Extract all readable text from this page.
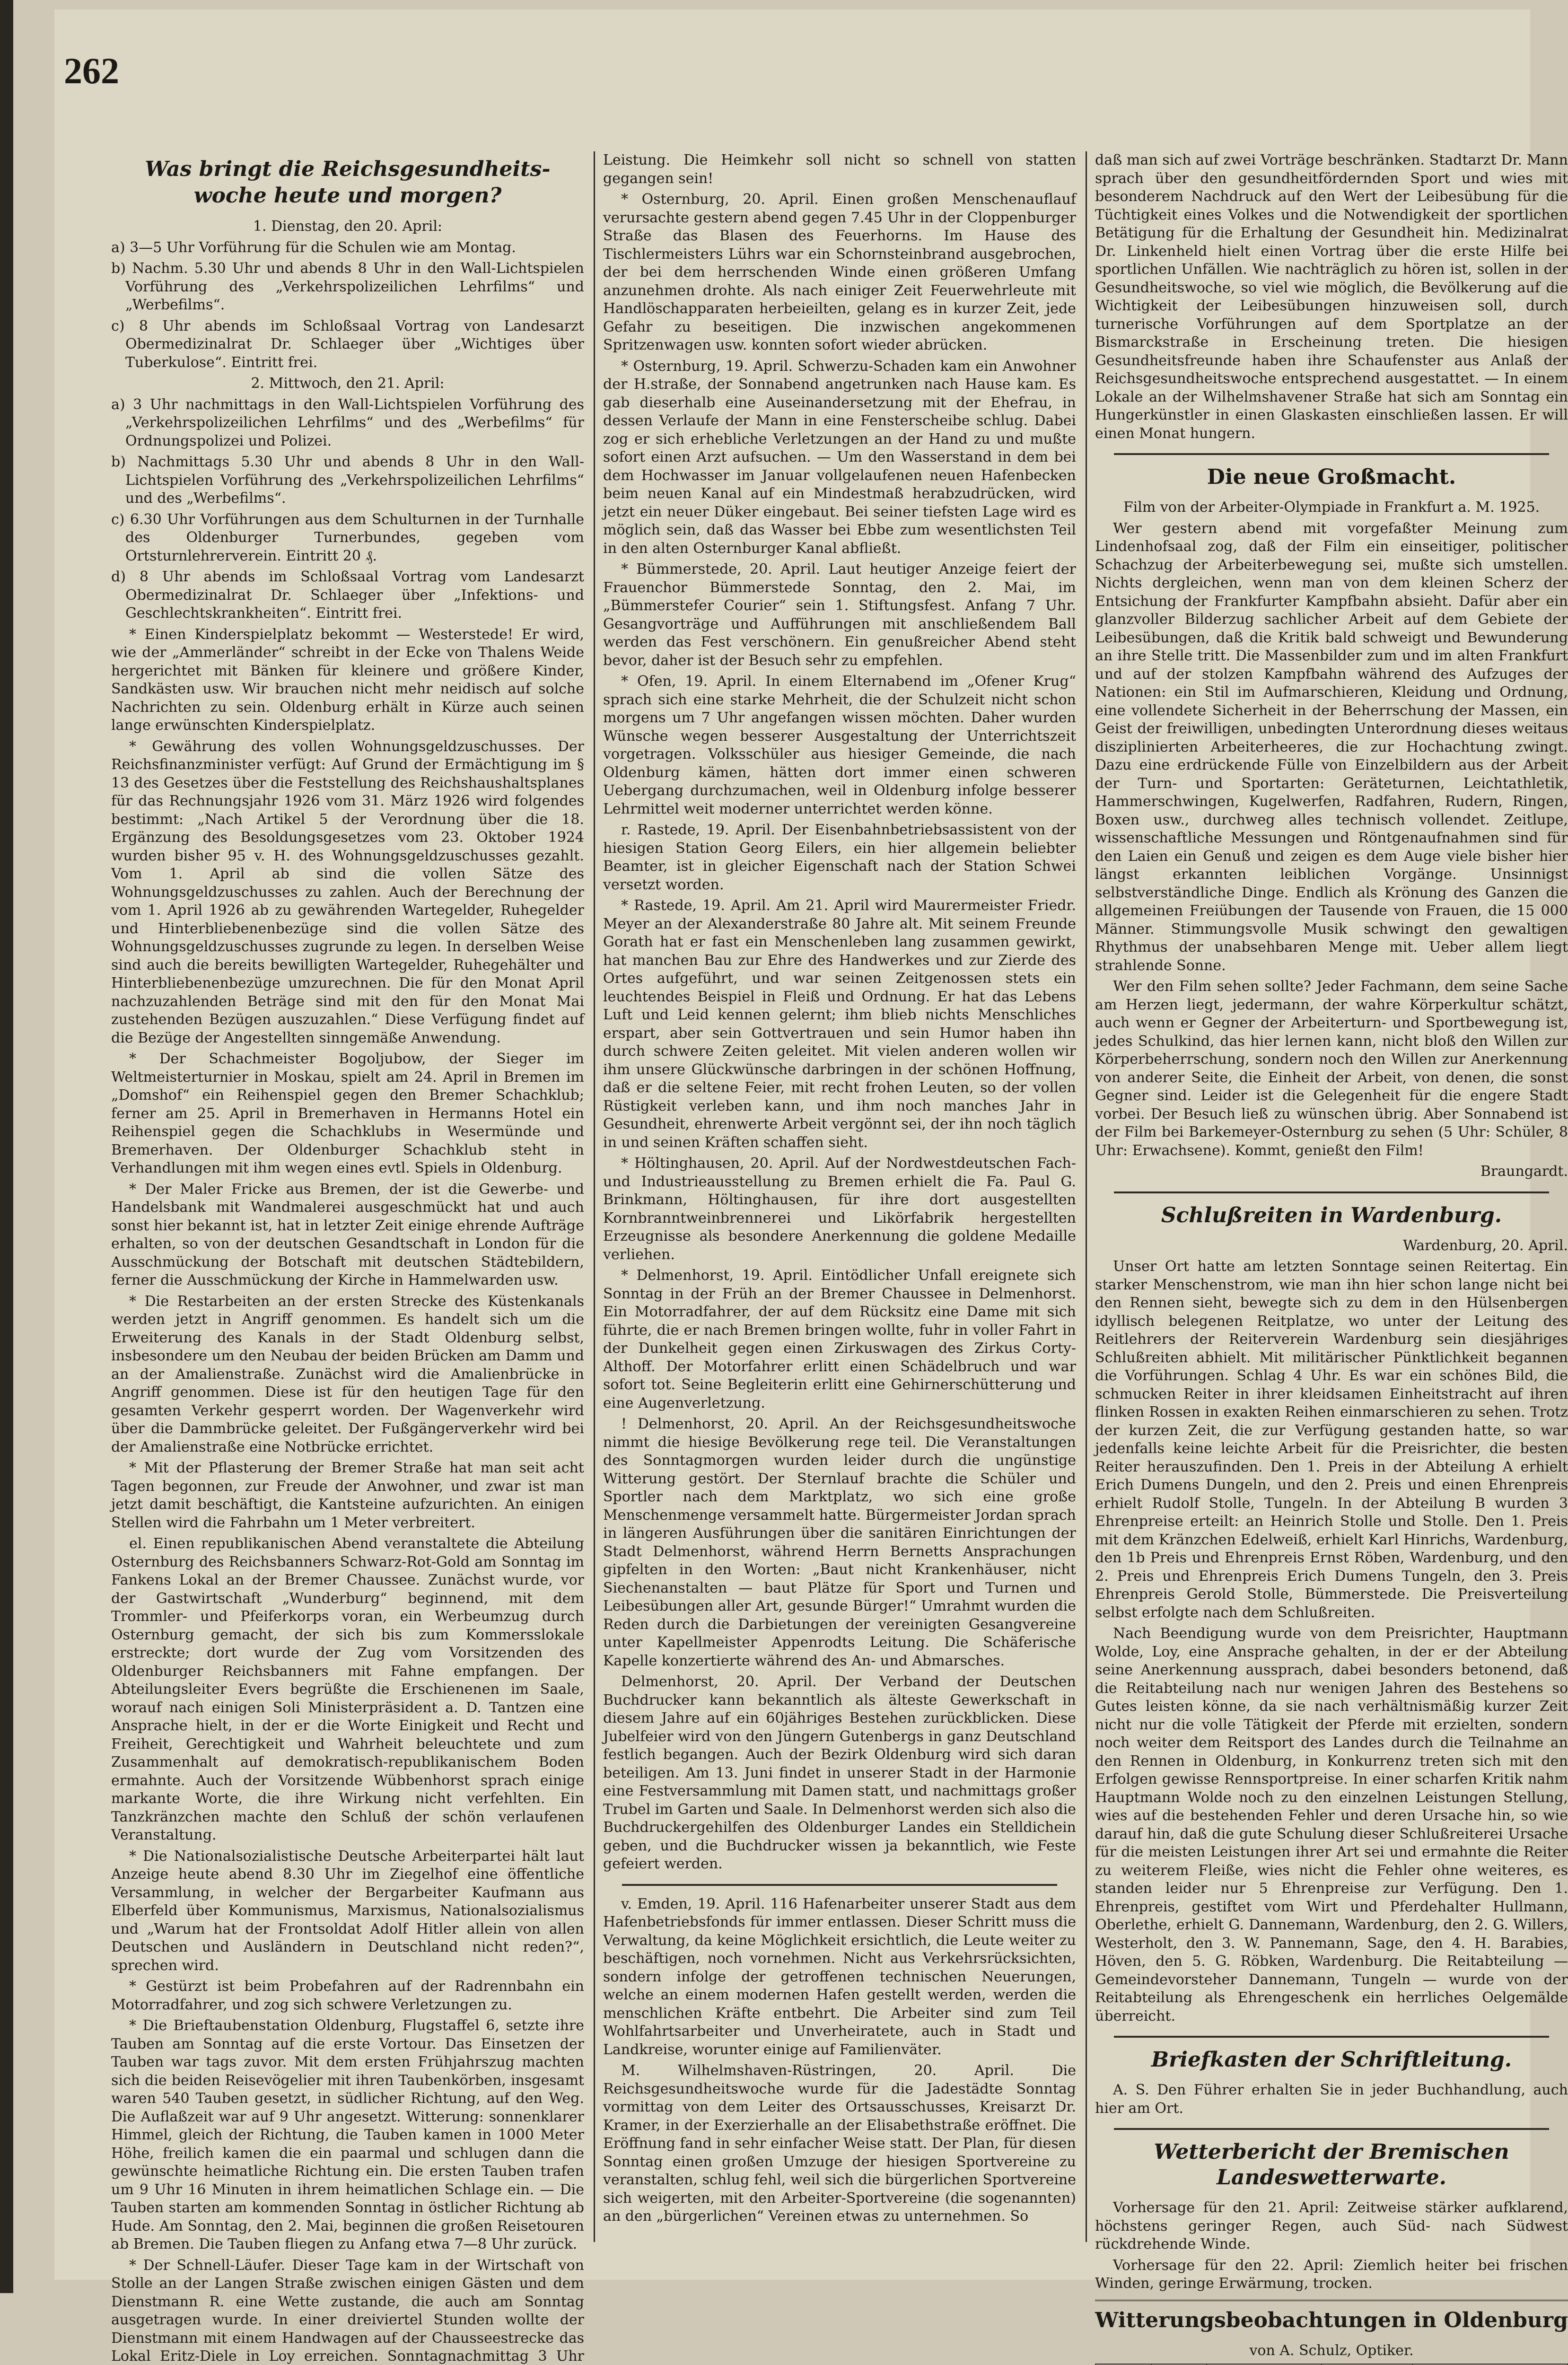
262
Was bringt die Reichsgesundheits-woche heute und morgen?

1. Dienstag, den 20. April:

a) 3—5 Uhr Vorführung für die Schulen wie am Montag.

b) Nachm. 5.30 Uhr und abends 8 Uhr in den Wall-Lichtspielen Vorführung des „Verkehrspolizeilichen Lehrfilms“ und „Werbefilms“.

c) 8 Uhr abends im Schloßsaal Vortrag von Landesarzt Obermedizinalrat Dr. Schlaeger über „Wichtiges über Tuberkulose“. Eintritt frei.

2. Mittwoch, den 21. April:

a) 3 Uhr nachmittags in den Wall-Lichtspielen Vorführung des „Verkehrspolizeilichen Lehrfilms“ und des „Werbefilms“ für Ordnungspolizei und Polizei.

b) Nachmittags 5.30 Uhr und abends 8 Uhr in den Wall-Lichtspielen Vorführung des „Verkehrspolizeilichen Lehrfilms“ und des „Werbefilms“.

c) 6.30 Uhr Vorführungen aus dem Schulturnen in der Turnhalle des Oldenburger Turnerbundes, gegeben vom Ortsturnlehrerverein. Eintritt 20 ₰.

d) 8 Uhr abends im Schloßsaal Vortrag vom Landesarzt Obermedizinalrat Dr. Schlaeger über „Infektions- und Geschlechtskrankheiten“. Eintritt frei.

* Einen Kinderspielplatz bekommt — Westerstede! Er wird, wie der „Ammerländer“ schreibt in der Ecke von Thalens Weide hergerichtet mit Bänken für kleinere und größere Kinder, Sandkästen usw. Wir brauchen nicht mehr neidisch auf solche Nachrichten zu sein. Oldenburg erhält in Kürze auch seinen lange erwünschten Kinderspielplatz.

* Gewährung des vollen Wohnungsgeldzuschusses. Der Reichsfinanzminister verfügt: Auf Grund der Ermächtigung im § 13 des Gesetzes über die Feststellung des Reichshaushaltsplanes für das Rechnungsjahr 1926 vom 31. März 1926 wird folgendes bestimmt: „Nach Artikel 5 der Verordnung über die 18. Ergänzung des Besoldungsgesetzes vom 23. Oktober 1924 wurden bisher 95 v. H. des Wohnungsgeldzuschusses gezahlt. Vom 1. April ab sind die vollen Sätze des Wohnungsgeldzuschusses zu zahlen. Auch der Berechnung der vom 1. April 1926 ab zu gewährenden Wartegelder, Ruhegelder und Hinterbliebenenbezüge sind die vollen Sätze des Wohnungsgeldzuschusses zugrunde zu legen. In derselben Weise sind auch die bereits bewilligten Wartegelder, Ruhegehälter und Hinterbliebenenbezüge umzurechnen. Die für den Monat April nachzuzahlenden Beträge sind mit den für den Monat Mai zustehenden Bezügen auszuzahlen.“ Diese Verfügung findet auf die Bezüge der Angestellten sinngemäße Anwendung.

* Der Schachmeister Bogoljubow, der Sieger im Weltmeisterturnier in Moskau, spielt am 24. April in Bremen im „Domshof“ ein Reihenspiel gegen den Bremer Schachklub; ferner am 25. April in Bremerhaven in Hermanns Hotel ein Reihenspiel gegen die Schachklubs in Wesermünde und Bremerhaven. Der Oldenburger Schachklub steht in Verhandlungen mit ihm wegen eines evtl. Spiels in Oldenburg.

* Der Maler Fricke aus Bremen, der ist die Gewerbe- und Handelsbank mit Wandmalerei ausgeschmückt hat und auch sonst hier bekannt ist, hat in letzter Zeit einige ehrende Aufträge erhalten, so von der deutschen Gesandtschaft in London für die Ausschmückung der Botschaft mit deutschen Städtebildern, ferner die Ausschmückung der Kirche in Hammelwarden usw.

* Die Restarbeiten an der ersten Strecke des Küstenkanals werden jetzt in Angriff genommen. Es handelt sich um die Erweiterung des Kanals in der Stadt Oldenburg selbst, insbesondere um den Neubau der beiden Brücken am Damm und an der Amalienstraße. Zunächst wird die Amalienbrücke in Angriff genommen. Diese ist für den heutigen Tage für den gesamten Verkehr gesperrt worden. Der Wagenverkehr wird über die Dammbrücke geleitet. Der Fußgängerverkehr wird bei der Amalienstraße eine Notbrücke errichtet.

* Mit der Pflasterung der Bremer Straße hat man seit acht Tagen begonnen, zur Freude der Anwohner, und zwar ist man jetzt damit beschäftigt, die Kantsteine aufzurichten. An einigen Stellen wird die Fahrbahn um 1 Meter verbreitert.

el. Einen republikanischen Abend veranstaltete die Abteilung Osternburg des Reichsbanners Schwarz-Rot-Gold am Sonntag im Fankens Lokal an der Bremer Chaussee. Zunächst wurde, vor der Gastwirtschaft „Wunderburg“ beginnend, mit dem Trommler- und Pfeiferkorps voran, ein Werbeumzug durch Osternburg gemacht, der sich bis zum Kommersslokale erstreckte; dort wurde der Zug vom Vorsitzenden des Oldenburger Reichsbanners mit Fahne empfangen. Der Abteilungsleiter Evers begrüßte die Erschienenen im Saale, worauf nach einigen Soli Ministerpräsident a. D. Tantzen eine Ansprache hielt, in der er die Worte Einigkeit und Recht und Freiheit, Gerechtigkeit und Wahrheit beleuchtete und zum Zusammenhalt auf demokratisch-republikanischem Boden ermahnte. Auch der Vorsitzende Wübbenhorst sprach einige markante Worte, die ihre Wirkung nicht verfehlten. Ein Tanzkränzchen machte den Schluß der schön verlaufenen Veranstaltung.

* Die Nationalsozialistische Deutsche Arbeiterpartei hält laut Anzeige heute abend 8.30 Uhr im Ziegelhof eine öffentliche Versammlung, in welcher der Bergarbeiter Kaufmann aus Elberfeld über Kommunismus, Marxismus, Nationalsozialismus und „Warum hat der Frontsoldat Adolf Hitler allein von allen Deutschen und Ausländern in Deutschland nicht reden?“, sprechen wird.

* Gestürzt ist beim Probefahren auf der Radrennbahn ein Motorradfahrer, und zog sich schwere Verletzungen zu.

* Die Brieftaubenstation Oldenburg, Flugstaffel 6, setzte ihre Tauben am Sonntag auf die erste Vortour. Das Einsetzen der Tauben war tags zuvor. Mit dem ersten Frühjahrszug machten sich die beiden Reisevögelier mit ihren Taubenkörben, insgesamt waren 540 Tauben gesetzt, in südlicher Richtung, auf den Weg. Die Auflaßzeit war auf 9 Uhr angesetzt. Witterung: sonnenklarer Himmel, gleich der Richtung, die Tauben kamen in 1000 Meter Höhe, freilich kamen die ein paarmal und schlugen dann die gewünschte heimatliche Richtung ein. Die ersten Tauben trafen um 9 Uhr 16 Minuten in ihrem heimatlichen Schlage ein. — Die Tauben starten am kommenden Sonntag in östlicher Richtung ab Hude. Am Sonntag, den 2. Mai, beginnen die großen Reisetouren ab Bremen. Die Tauben fliegen zu Anfang etwa 7—8 Uhr zurück.

* Der Schnell-Läufer. Dieser Tage kam in der Wirtschaft von Stolle an der Langen Straße zwischen einigen Gästen und dem Dienstmann R. eine Wette zustande, die auch am Sonntag ausgetragen wurde. In einer dreiviertel Stunden wollte der Dienstmann mit einem Handwagen auf der Chausseestrecke das Lokal Eritz-Diele in Loy erreichen. Sonntagnachmittag 3 Uhr

Leistung. Die Heimkehr soll nicht so schnell von statten gegangen sein!

* Osternburg, 20. April. Einen großen Menschenauflauf verursachte gestern abend gegen 7.45 Uhr in der Cloppenburger Straße das Blasen des Feuerhorns. Im Hause des Tischlermeisters Lührs war ein Schornsteinbrand ausgebrochen, der bei dem herrschenden Winde einen größeren Umfang anzunehmen drohte. Als nach einiger Zeit Feuerwehrleute mit Handlöschapparaten herbeieilten, gelang es in kurzer Zeit, jede Gefahr zu beseitigen. Die inzwischen angekommenen Spritzenwagen usw. konnten sofort wieder abrücken.

* Osternburg, 19. April. Schwerzu-Schaden kam ein Anwohner der H.straße, der Sonnabend angetrunken nach Hause kam. Es gab dieserhalb eine Auseinandersetzung mit der Ehefrau, in dessen Verlaufe der Mann in eine Fensterscheibe schlug. Dabei zog er sich erhebliche Verletzungen an der Hand zu und mußte sofort einen Arzt aufsuchen. — Um den Wasserstand in dem bei dem Hochwasser im Januar vollgelaufenen neuen Hafenbecken beim neuen Kanal auf ein Mindestmaß herabzudrücken, wird jetzt ein neuer Düker eingebaut. Bei seiner tiefsten Lage wird es möglich sein, daß das Wasser bei Ebbe zum wesentlichsten Teil in den alten Osternburger Kanal abfließt.

* Bümmerstede, 20. April. Laut heutiger Anzeige feiert der Frauenchor Bümmerstede Sonntag, den 2. Mai, im „Bümmerstefer Courier“ sein 1. Stiftungsfest. Anfang 7 Uhr. Gesangvorträge und Aufführungen mit anschließendem Ball werden das Fest verschönern. Ein genußreicher Abend steht bevor, daher ist der Besuch sehr zu empfehlen.

* Ofen, 19. April. In einem Elternabend im „Ofener Krug“ sprach sich eine starke Mehrheit, die der Schulzeit nicht schon morgens um 7 Uhr angefangen wissen möchten. Daher wurden Wünsche wegen besserer Ausgestaltung der Unterrichtszeit vorgetragen. Volksschüler aus hiesiger Gemeinde, die nach Oldenburg kämen, hätten dort immer einen schweren Uebergang durchzumachen, weil in Oldenburg infolge besserer Lehrmittel weit moderner unterrichtet werden könne.

r. Rastede, 19. April. Der Eisenbahnbetriebsassistent von der hiesigen Station Georg Eilers, ein hier allgemein beliebter Beamter, ist in gleicher Eigenschaft nach der Station Schwei versetzt worden.

* Rastede, 19. April. Am 21. April wird Maurermeister Friedr. Meyer an der Alexanderstraße 80 Jahre alt. Mit seinem Freunde Gorath hat er fast ein Menschenleben lang zusammen gewirkt, hat manchen Bau zur Ehre des Handwerkes und zur Zierde des Ortes aufgeführt, und war seinen Zeitgenossen stets ein leuchtendes Beispiel in Fleiß und Ordnung. Er hat das Lebens Luft und Leid kennen gelernt; ihm blieb nichts Menschliches erspart, aber sein Gottvertrauen und sein Humor haben ihn durch schwere Zeiten geleitet. Mit vielen anderen wollen wir ihm unsere Glückwünsche darbringen in der schönen Hoffnung, daß er die seltene Feier, mit recht frohen Leuten, so der vollen Rüstigkeit verleben kann, und ihm noch manches Jahr in Gesundheit, ehrenwerte Arbeit vergönnt sei, der ihn noch täglich in und seinen Kräften schaffen sieht.

* Höltinghausen, 20. April. Auf der Nordwestdeutschen Fach- und Industrieausstellung zu Bremen erhielt die Fa. Paul G. Brinkmann, Höltinghausen, für ihre dort ausgestellten Kornbranntweinbrennerei und Likörfabrik hergestellten Erzeugnisse als besondere Anerkennung die goldene Medaille verliehen.

* Delmenhorst, 19. April. Eintödlicher Unfall ereignete sich Sonntag in der Früh an der Bremer Chaussee in Delmenhorst. Ein Motorradfahrer, der auf dem Rücksitz eine Dame mit sich führte, die er nach Bremen bringen wollte, fuhr in voller Fahrt in der Dunkelheit gegen einen Zirkuswagen des Zirkus Corty-Althoff. Der Motorfahrer erlitt einen Schädelbruch und war sofort tot. Seine Begleiterin erlitt eine Gehirnerschütterung und eine Augenverletzung.

! Delmenhorst, 20. April. An der Reichsgesundheitswoche nimmt die hiesige Bevölkerung rege teil. Die Veranstaltungen des Sonntagmorgen wurden leider durch die ungünstige Witterung gestört. Der Sternlauf brachte die Schüler und Sportler nach dem Marktplatz, wo sich eine große Menschenmenge versammelt hatte. Bürgermeister Jordan sprach in längeren Ausführungen über die sanitären Einrichtungen der Stadt Delmenhorst, während Herrn Bernetts Ansprachungen gipfelten in den Worten: „Baut nicht Krankenhäuser, nicht Siechenanstalten — baut Plätze für Sport und Turnen und Leibesübungen aller Art, gesunde Bürger!“ Umrahmt wurden die Reden durch die Darbietungen der vereinigten Gesangvereine unter Kapellmeister Appenrodts Leitung. Die Schäferische Kapelle konzertierte während des An- und Abmarsches.

Delmenhorst, 20. April. Der Verband der Deutschen Buchdrucker kann bekanntlich als älteste Gewerkschaft in diesem Jahre auf ein 60jähriges Bestehen zurückblicken. Diese Jubelfeier wird von den Jüngern Gutenbergs in ganz Deutschland festlich begangen. Auch der Bezirk Oldenburg wird sich daran beteiligen. Am 13. Juni findet in unserer Stadt in der Harmonie eine Festversammlung mit Damen statt, und nachmittags großer Trubel im Garten und Saale. In Delmenhorst werden sich also die Buchdruckergehilfen des Oldenburger Landes ein Stelldichein geben, und die Buchdrucker wissen ja bekanntlich, wie Feste gefeiert werden.

v. Emden, 19. April. 116 Hafenarbeiter unserer Stadt aus dem Hafenbetriebsfonds für immer entlassen. Dieser Schritt muss die Verwaltung, da keine Möglichkeit ersichtlich, die Leute weiter zu beschäftigen, noch vornehmen. Nicht aus Verkehrsrücksichten, sondern infolge der getroffenen technischen Neuerungen, welche an einem modernen Hafen gestellt werden, werden die menschlichen Kräfte entbehrt. Die Arbeiter sind zum Teil Wohlfahrtsarbeiter und Unverheiratete, auch in Stadt und Landkreise, worunter einige auf Familienväter.

M. Wilhelmshaven-Rüstringen, 20. April. Die Reichsgesundheitswoche wurde für die Jadestädte Sonntag vormittag von dem Leiter des Ortsausschusses, Kreisarzt Dr. Kramer, in der Exerzierhalle an der Elisabethstraße eröffnet. Die Eröffnung fand in sehr einfacher Weise statt. Der Plan, für diesen Sonntag einen großen Umzuge der hiesigen Sportvereine zu veranstalten, schlug fehl, weil sich die bürgerlichen Sportvereine sich weigerten, mit den Arbeiter-Sportvereine (die sogenannten) an den „bürgerlichen“ Vereinen etwas zu unternehmen. So

daß man sich auf zwei Vorträge beschränken. Stadtarzt Dr. Mann sprach über den gesundheitfördernden Sport und wies mit besonderem Nachdruck auf den Wert der Leibesübung für die Tüchtigkeit eines Volkes und die Notwendigkeit der sportlichen Betätigung für die Erhaltung der Gesundheit hin. Medizinalrat Dr. Linkenheld hielt einen Vortrag über die erste Hilfe bei sportlichen Unfällen. Wie nachträglich zu hören ist, sollen in der Gesundheitswoche, so viel wie möglich, die Bevölkerung auf die Wichtigkeit der Leibesübungen hinzuweisen soll, durch turnerische Vorführungen auf dem Sportplatze an der Bismarckstraße in Erscheinung treten. Die hiesigen Gesundheitsfreunde haben ihre Schaufenster aus Anlaß der Reichsgesundheitswoche entsprechend ausgestattet. — In einem Lokale an der Wilhelmshavener Straße hat sich am Sonntag ein Hungerkünstler in einen Glaskasten einschließen lassen. Er will einen Monat hungern.

Die neue Großmacht.

Film von der Arbeiter-Olympiade in Frankfurt a. M. 1925.

Wer gestern abend mit vorgefaßter Meinung zum Lindenhofsaal zog, daß der Film ein einseitiger, politischer Schachzug der Arbeiterbewegung sei, mußte sich umstellen. Nichts dergleichen, wenn man von dem kleinen Scherz der Entsichung der Frankfurter Kampfbahn absieht. Dafür aber ein glanzvoller Bilderzug sachlicher Arbeit auf dem Gebiete der Leibesübungen, daß die Kritik bald schweigt und Bewunderung an ihre Stelle tritt. Die Massenbilder zum und im alten Frankfurt und auf der stolzen Kampfbahn während des Aufzuges der Nationen: ein Stil im Aufmarschieren, Kleidung und Ordnung, eine vollendete Sicherheit in der Beherrschung der Massen, ein Geist der freiwilligen, unbedingten Unterordnung dieses weitaus disziplinierten Arbeiterheeres, die zur Hochachtung zwingt. Dazu eine erdrückende Fülle von Einzelbildern aus der Arbeit der Turn- und Sportarten: Geräteturnen, Leichtathletik, Hammerschwingen, Kugelwerfen, Radfahren, Rudern, Ringen, Boxen usw., durchweg alles technisch vollendet. Zeitlupe, wissenschaftliche Messungen und Röntgenaufnahmen sind für den Laien ein Genuß und zeigen es dem Auge viele bisher hier längst erkannten leiblichen Vorgänge. Unsinnigst selbstverständliche Dinge. Endlich als Krönung des Ganzen die allgemeinen Freiübungen der Tausende von Frauen, die 15 000 Männer. Stimmungsvolle Musik schwingt den gewaltigen Rhythmus der unabsehbaren Menge mit. Ueber allem liegt strahlende Sonne.

Wer den Film sehen sollte? Jeder Fachmann, dem seine Sache am Herzen liegt, jedermann, der wahre Körperkultur schätzt, auch wenn er Gegner der Arbeiterturn- und Sportbewegung ist, jedes Schulkind, das hier lernen kann, nicht bloß den Willen zur Körperbeherrschung, sondern noch den Willen zur Anerkennung von anderer Seite, die Einheit der Arbeit, von denen, die sonst Gegner sind. Leider ist die Gelegenheit für die engere Stadt vorbei. Der Besuch ließ zu wünschen übrig. Aber Sonnabend ist der Film bei Barkemeyer-Osternburg zu sehen (5 Uhr: Schüler, 8 Uhr: Erwachsene). Kommt, genießt den Film!

Braungardt.

Schlußreiten in Wardenburg.

Wardenburg, 20. April.

Unser Ort hatte am letzten Sonntage seinen Reitertag. Ein starker Menschenstrom, wie man ihn hier schon lange nicht bei den Rennen sieht, bewegte sich zu dem in den Hülsenbergen idyllisch belegenen Reitplatze, wo unter der Leitung des Reitlehrers der Reiterverein Wardenburg sein diesjähriges Schlußreiten abhielt. Mit militärischer Pünktlichkeit begannen die Vorführungen. Schlag 4 Uhr. Es war ein schönes Bild, die schmucken Reiter in ihrer kleidsamen Einheitstracht auf ihren flinken Rossen in exakten Reihen einmarschieren zu sehen. Trotz der kurzen Zeit, die zur Verfügung gestanden hatte, so war jedenfalls keine leichte Arbeit für die Preisrichter, die besten Reiter herauszufinden. Den 1. Preis in der Abteilung A erhielt Erich Dumens Dungeln, und den 2. Preis und einen Ehrenpreis erhielt Rudolf Stolle, Tungeln. In der Abteilung B wurden 3 Ehrenpreise erteilt: an Heinrich Stolle und Stolle. Den 1. Preis mit dem Kränzchen Edelweiß, erhielt Karl Hinrichs, Wardenburg, den 1b Preis und Ehrenpreis Ernst Röben, Wardenburg, und den 2. Preis und Ehrenpreis Erich Dumens Tungeln, den 3. Preis Ehrenpreis Gerold Stolle, Bümmerstede. Die Preisverteilung selbst erfolgte nach dem Schlußreiten.

Nach Beendigung wurde von dem Preisrichter, Hauptmann Wolde, Loy, eine Ansprache gehalten, in der er der Abteilung seine Anerkennung aussprach, dabei besonders betonend, daß die Reitabteilung nach nur wenigen Jahren des Bestehens so Gutes leisten könne, da sie nach verhältnismäßig kurzer Zeit nicht nur die volle Tätigkeit der Pferde mit erzielten, sondern noch weiter dem Reitsport des Landes durch die Teilnahme an den Rennen in Oldenburg, in Konkurrenz treten sich mit den Erfolgen gewisse Rennsportpreise. In einer scharfen Kritik nahm Hauptmann Wolde noch zu den einzelnen Leistungen Stellung, wies auf die bestehenden Fehler und deren Ursache hin, so wie darauf hin, daß die gute Schulung dieser Schlußreiterei Ursache für die meisten Leistungen ihrer Art sei und ermahnte die Reiter zu weiterem Fleiße, wies nicht die Fehler ohne weiteres, es standen leider nur 5 Ehrenpreise zur Verfügung. Den 1. Ehrenpreis, gestiftet vom Wirt und Pferdehalter Hullmann, Oberlethe, erhielt G. Dannemann, Wardenburg, den 2. G. Willers, Westerholt, den 3. W. Pannemann, Sage, den 4. H. Barabies, Höven, den 5. G. Röbken, Wardenburg. Die Reitabteilung — Gemeindevorsteher Dannemann, Tungeln — wurde von der Reitabteilung als Ehrengeschenk ein herrliches Oelgemälde überreicht.

Briefkasten der Schriftleitung.

A. S. Den Führer erhalten Sie in jeder Buchhandlung, auch hier am Ort.

Wetterbericht der Bremischen Landeswetterwarte.

Vorhersage für den 21. April: Zeitweise stärker aufklarend, höchstens geringer Regen, auch Süd- nach Südwest rückdrehende Winde.

Vorhersage für den 22. April: Ziemlich heiter bei frischen Winden, geringe Erwärmung, trocken.

Witterungsbeobachtungen in Oldenburg

von A. Schulz, Optiker.
